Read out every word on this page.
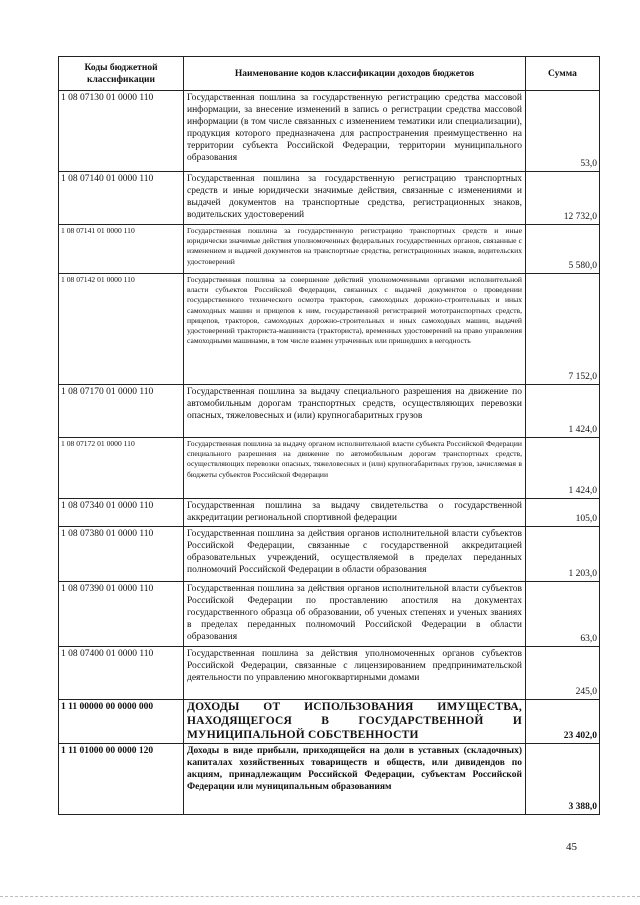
Коды бюджетной классификации	Наименование кодов классификации доходов бюджетов	Сумма
1 08 07130 01 0000 110	Государственная пошлина за государственную регистрацию средства массовой информации, за внесение изменений в запись о регистрации средства массовой информации (в том числе связанных с изменением тематики или специализации), продукция которого предназначена для распространения преимущественно на территории субъекта Российской Федерации, территории муниципального образования	53,0
1 08 07140 01 0000 110	Государственная пошлина за государственную регистрацию транспортных средств и иные юридически значимые действия, связанные с изменениями и выдачей документов на транспортные средства, регистрационных знаков, водительских удостоверений	12 732,0
1 08 07141 01 0000 110	Государственная пошлина за государственную регистрацию транспортных средств и иные юридически значимые действия уполномоченных федеральных государственных органов, связанные с изменением и выдачей документов на транспортные средства, регистрационных знаков, водительских удостоверений	5 580,0
1 08 07142 01 0000 110	Государственная пошлина за совершение действий уполномоченными органами исполнительной власти субъектов Российской Федерации, связанных с выдачей документов о проведении государственного технического осмотра тракторов, самоходных дорожно-строительных и иных самоходных машин и прицепов к ним, государственной регистрацией мототранспортных средств, прицепов, тракторов, самоходных дорожно-строительных и иных самоходных машин, выдачей удостоверений тракториста-машиниста (тракториста), временных удостоверений на право управления самоходными машинами, в том числе взамен утраченных или пришедших в негодность	7 152,0
1 08 07170 01 0000 110	Государственная пошлина за выдачу специального разрешения на движение по автомобильным дорогам транспортных средств, осуществляющих перевозки опасных, тяжеловесных и (или) крупногабаритных грузов	1 424,0
1 08 07172 01 0000 110	Государственная пошлина за выдачу органом исполнительной власти субъекта Российской Федерации специального разрешения на движение по автомобильным дорогам транспортных средств, осуществляющих перевозки опасных, тяжеловесных и (или) крупногабаритных грузов, зачисляемая в бюджеты субъектов Российской Федерации	1 424,0
1 08 07340 01 0000 110	Государственная пошлина за выдачу свидетельства о государственной аккредитации региональной спортивной федерации	105,0
1 08 07380 01 0000 110	Государственная пошлина за действия органов исполнительной власти субъектов Российской Федерации, связанные с государственной аккредитацией образовательных учреждений, осуществляемой в пределах переданных полномочий Российской Федерации в области образования	1 203,0
1 08 07390 01 0000 110	Государственная пошлина за действия органов исполнительной власти субъектов Российской Федерации по проставлению апостиля на документах государственного образца об образовании, об ученых степенях и ученых званиях в пределах переданных полномочий Российской Федерации в области образования	63,0
1 08 07400 01 0000 110	Государственная пошлина за действия уполномоченных органов субъектов Российской Федерации, связанные с лицензированием предпринимательской деятельности по управлению многоквартирными домами	245,0
1 11 00000 00 0000 000	ДОХОДЫ ОТ ИСПОЛЬЗОВАНИЯ ИМУЩЕСТВА, НАХОДЯЩЕГОСЯ В ГОСУДАРСТВЕННОЙ И МУНИЦИПАЛЬНОЙ СОБСТВЕННОСТИ	23 402,0
1 11 01000 00 0000 120	Доходы в виде прибыли, приходящейся на доли в уставных (складочных) капиталах хозяйственных товариществ и обществ, или дивидендов по акциям, принадлежащим Российской Федерации, субъектам Российской Федерации или муниципальным образованиям	3 388,0
45
